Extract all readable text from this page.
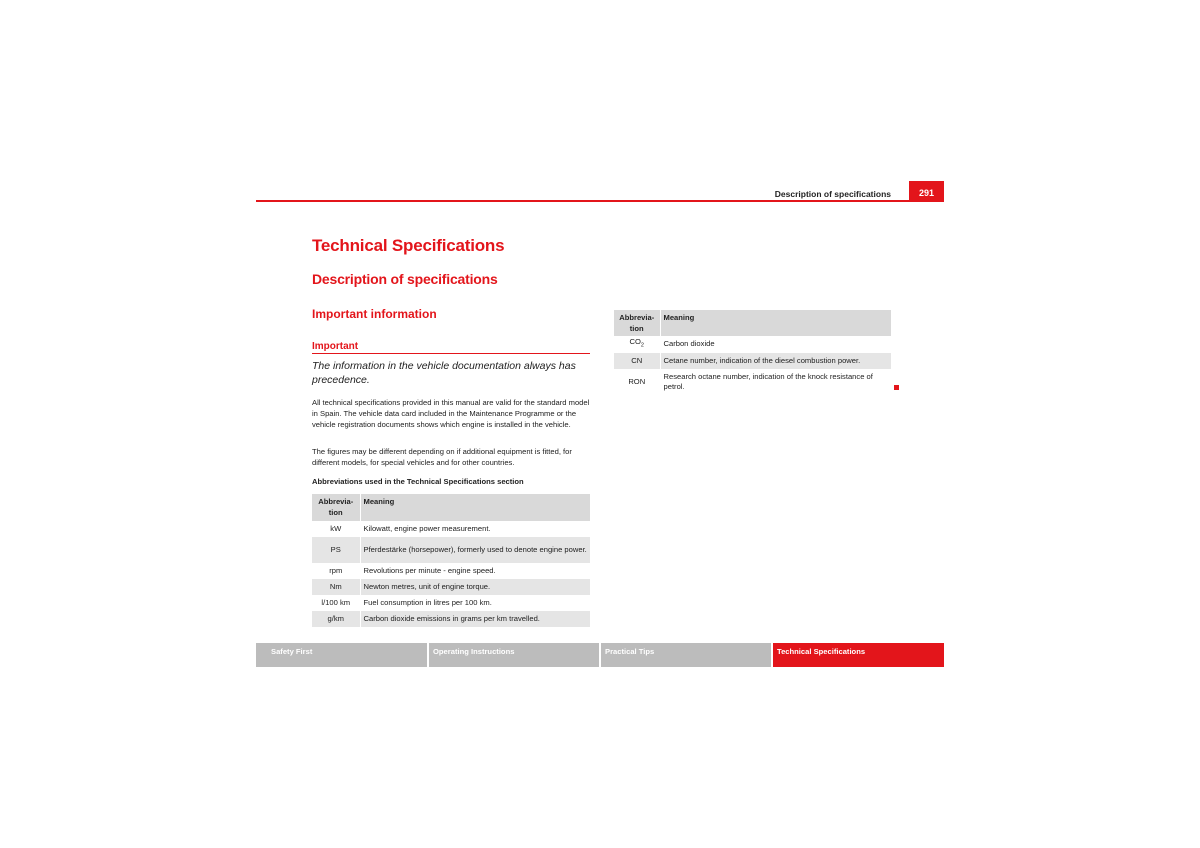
Description of specifications	291
Technical Specifications
Description of specifications
Important information
Important
The information in the vehicle documentation always has precedence.
All technical specifications provided in this manual are valid for the standard model in Spain. The vehicle data card included in the Maintenance Programme or the vehicle registration documents shows which engine is installed in the vehicle.
The figures may be different depending on if additional equipment is fitted, for different models, for special vehicles and for other countries.
Abbreviations used in the Technical Specifications section
Abbrevia-tion	Meaning
kW	Kilowatt, engine power measurement.
PS	Pferdestärke (horsepower), formerly used to denote engine power.
rpm	Revolutions per minute - engine speed.
Nm	Newton metres, unit of engine torque.
l/100 km	Fuel consumption in litres per 100 km.
g/km	Carbon dioxide emissions in grams per km travelled.
Abbrevia-tion	Meaning
$CO_2$	Carbon dioxide
CN	Cetane number, indication of the diesel combustion power.
RON	Research octane number, indication of the knock resistance of petrol.
Safety First	Operating Instructions	Practical Tips	Technical Specifications
